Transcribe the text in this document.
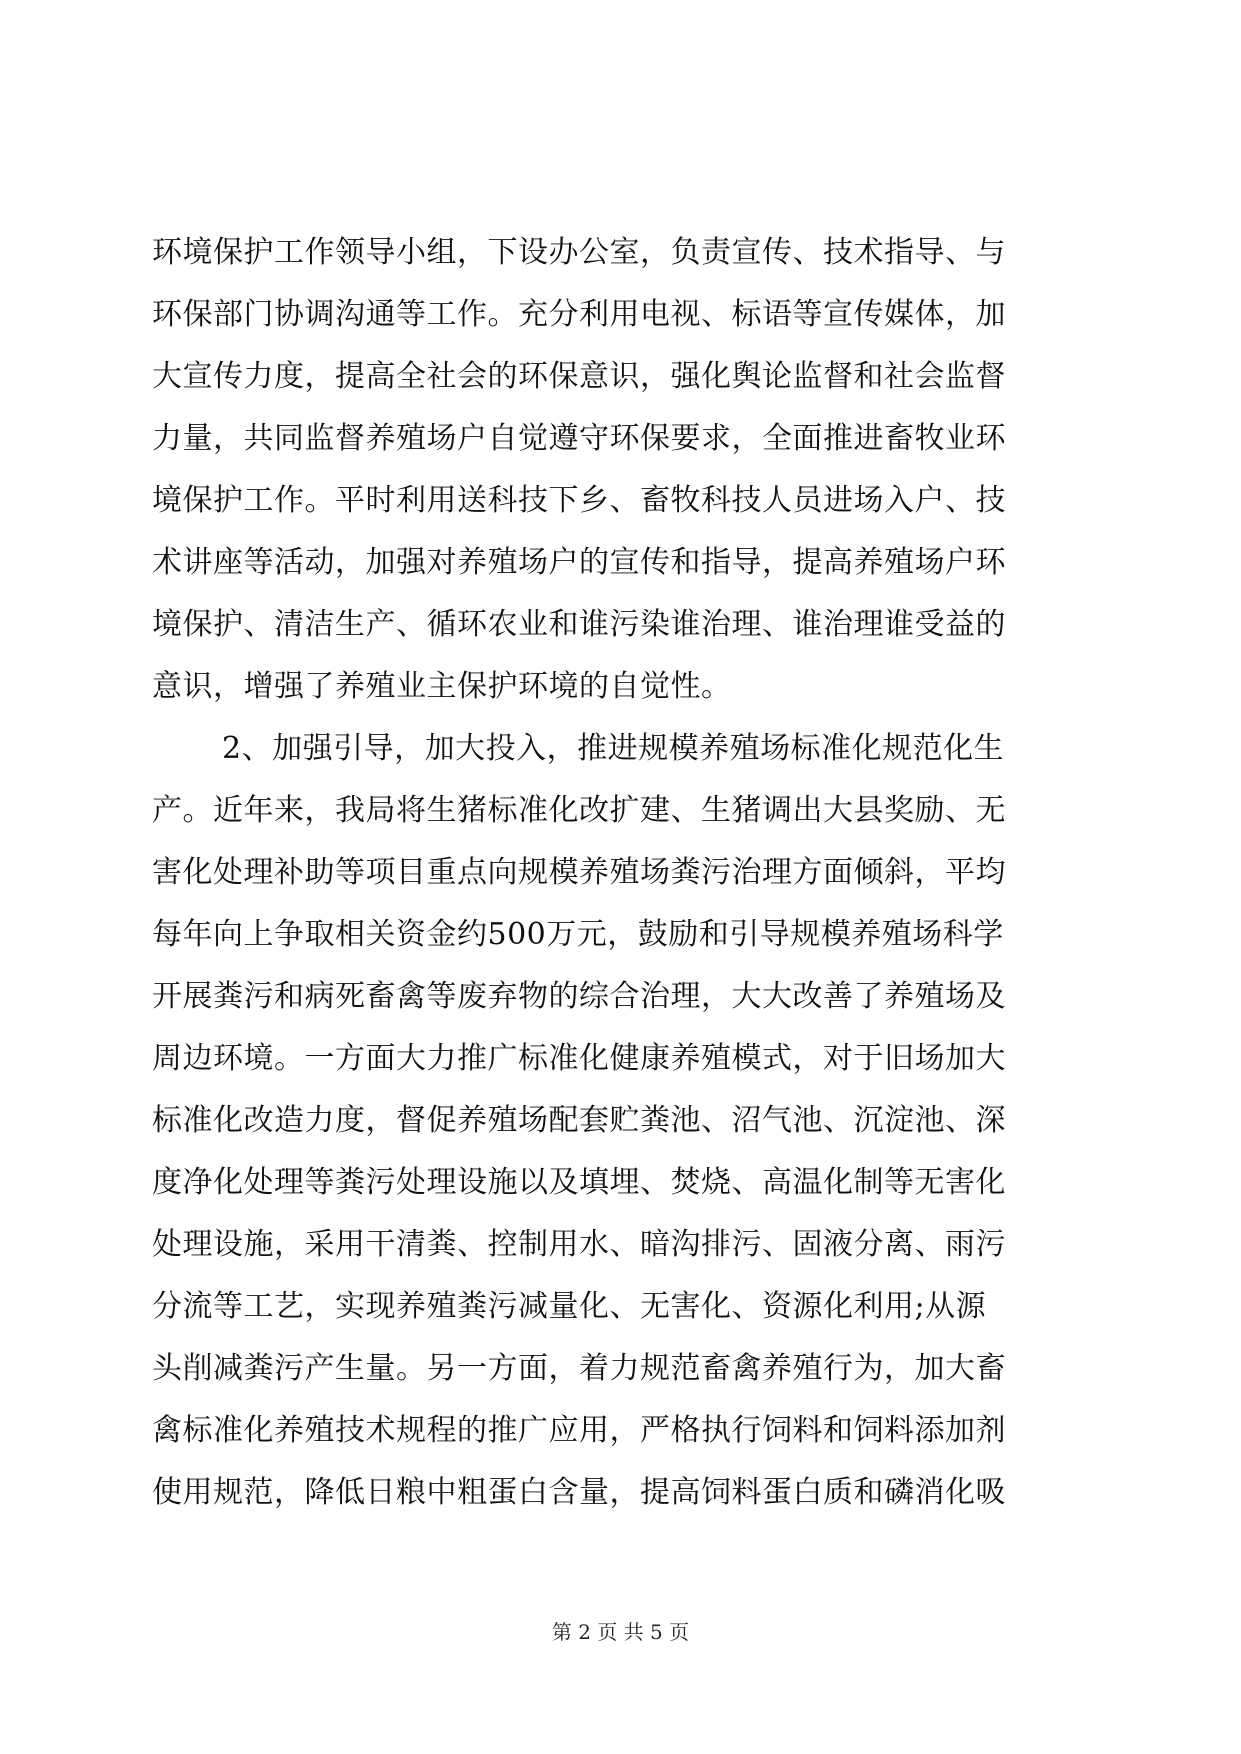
环境保护工作领导小组，下设办公室，负责宣传、技术指导、与
环保部门协调沟通等工作。充分利用电视、标语等宣传媒体，加
大宣传力度，提高全社会的环保意识，强化舆论监督和社会监督
力量，共同监督养殖场户自觉遵守环保要求，全面推进畜牧业环
境保护工作。平时利用送科技下乡、畜牧科技人员进场入户、技
术讲座等活动，加强对养殖场户的宣传和指导，提高养殖场户环
境保护、清洁生产、循环农业和谁污染谁治理、谁治理谁受益的
意识，增强了养殖业主保护环境的自觉性。
2、加强引导，加大投入，推进规模养殖场标准化规范化生
产。近年来，我局将生猪标准化改扩建、生猪调出大县奖励、无
害化处理补助等项目重点向规模养殖场粪污治理方面倾斜，平均
每年向上争取相关资金约500万元，鼓励和引导规模养殖场科学
开展粪污和病死畜禽等废弃物的综合治理，大大改善了养殖场及
周边环境。一方面大力推广标准化健康养殖模式，对于旧场加大
标准化改造力度，督促养殖场配套贮粪池、沼气池、沉淀池、深
度净化处理等粪污处理设施以及填埋、焚烧、高温化制等无害化
处理设施，采用干清粪、控制用水、暗沟排污、固液分离、雨污
分流等工艺，实现养殖粪污减量化、无害化、资源化利用;从源
头削减粪污产生量。另一方面，着力规范畜禽养殖行为，加大畜
禽标准化养殖技术规程的推广应用，严格执行饲料和饲料添加剂
使用规范，降低日粮中粗蛋白含量，提高饲料蛋白质和磷消化吸
第 2 页 共 5 页
